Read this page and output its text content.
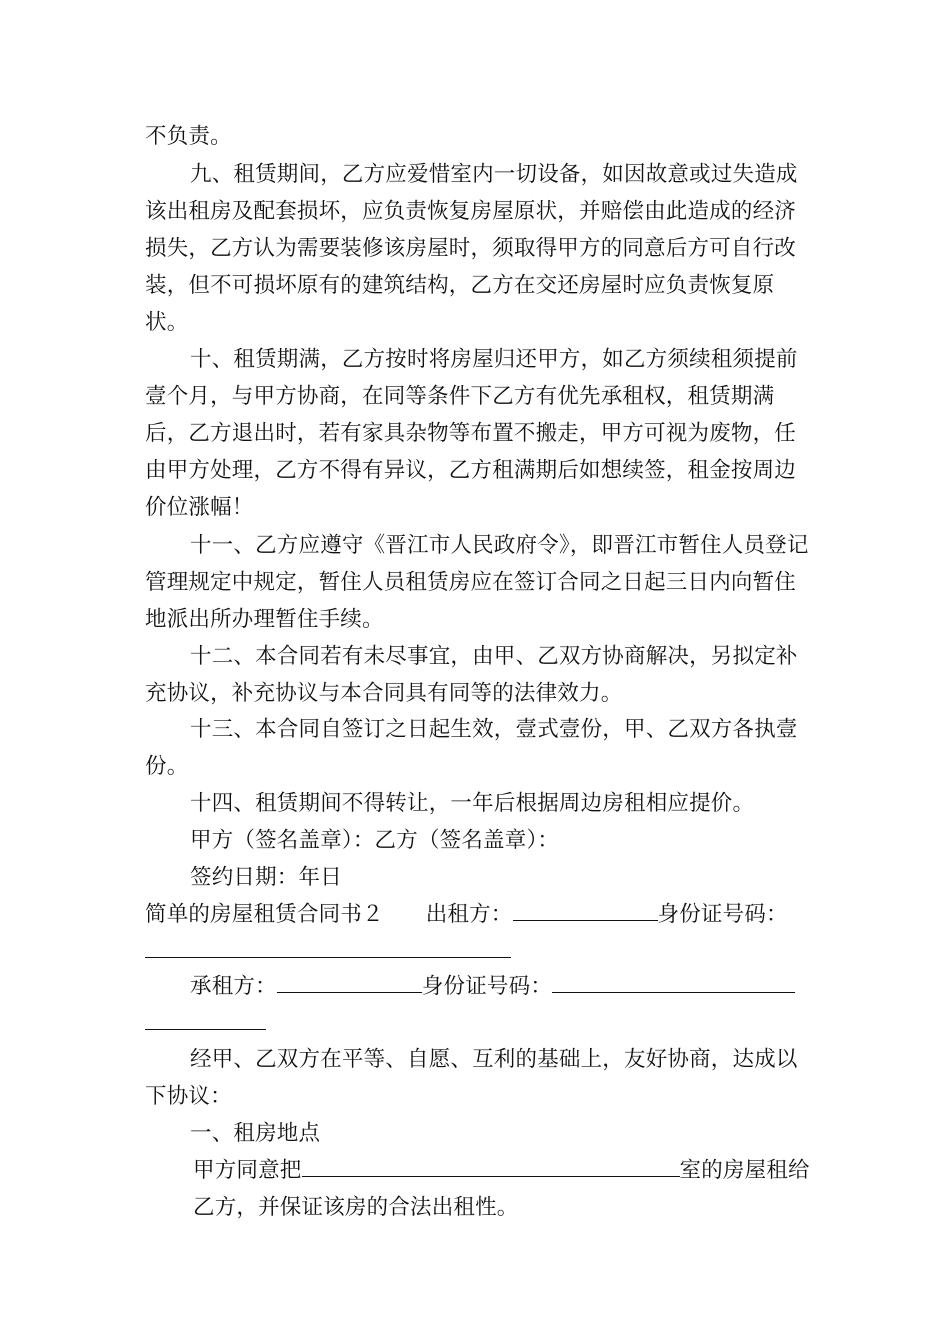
不负责。

九、租赁期间，乙方应爱惜室内一切设备，如因故意或过失造成该出租房及配套损坏，应负责恢复房屋原状，并赔偿由此造成的经济损失，乙方认为需要装修该房屋时，须取得甲方的同意后方可自行改装，但不可损坏原有的建筑结构，乙方在交还房屋时应负责恢复原状。

十、租赁期满，乙方按时将房屋归还甲方，如乙方须续租须提前壹个月，与甲方协商，在同等条件下乙方有优先承租权，租赁期满后，乙方退出时，若有家具杂物等布置不搬走，甲方可视为废物，任由甲方处理，乙方不得有异议，乙方租满期后如想续签，租金按周边价位涨幅！

十一、乙方应遵守《晋江市人民政府令》，即晋江市暂住人员登记管理规定中规定，暂住人员租赁房应在签订合同之日起三日内向暂住地派出所办理暂住手续。

十二、本合同若有未尽事宜，由甲、乙双方协商解决，另拟定补充协议，补充协议与本合同具有同等的法律效力。

十三、本合同自签订之日起生效，壹式壹份，甲、乙双方各执壹份。

十四、租赁期间不得转让，一年后根据周边房租相应提价。

甲方（签名盖章）：乙方（签名盖章）：

签约日期：年日

简单的房屋租赁合同书２ 出租方：	身份证号码：
承租方：	身份证号码：

经甲、乙双方在平等、自愿、互利的基础上，友好协商，达成以下协议：

一、租房地点

甲方同意把	室的房屋租给乙方，并保证该房的合法出租性。
